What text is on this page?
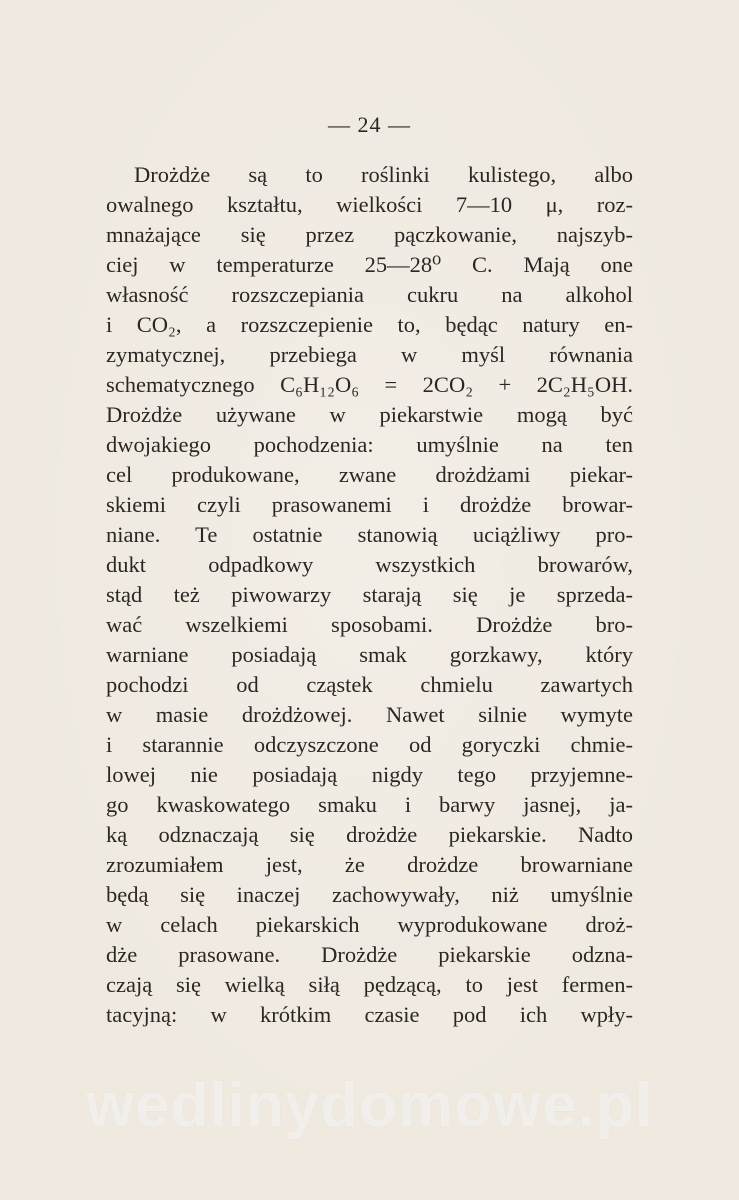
— 24 —
Drożdże są to roślinki kulistego, albo
owalnego kształtu, wielkości 7—10 μ, roz-
mnażające się przez pączkowanie, najszyb-
ciej w temperaturze 25—28⁰ C. Mają one
własność rozszczepiania cukru na alkohol
i CO₂, a rozszczepienie to, będąc natury en-
zymatycznej, przebiega w myśl równania
schematycznego C₆H₁₂O₆ = 2CO₂ + 2C₂H₅OH.
Drożdże używane w piekarstwie mogą być
dwojakiego pochodzenia: umyślnie na ten
cel produkowane, zwane drożdżami piekar-
skiemi czyli prasowanemi i drożdże browar-
niane. Te ostatnie stanowią uciążliwy pro-
dukt odpadkowy wszystkich browarów,
stąd też piwowarzy starają się je sprzeda-
wać wszelkiemi sposobami. Drożdże bro-
warniane posiadają smak gorzkawy, który
pochodzi od cząstek chmielu zawartych
w masie drożdżowej. Nawet silnie wymyte
i starannie odczyszczone od goryczki chmie-
lowej nie posiadają nigdy tego przyjemne-
go kwaskowatego smaku i barwy jasnej, ja-
ką odznaczają się drożdże piekarskie. Nadto
zrozumiałem jest, że drożdze browarniane
będą się inaczej zachowywały, niż umyślnie
w celach piekarskich wyprodukowane droż-
dże prasowane. Drożdże piekarskie odzna-
czają się wielką siłą pędzącą, to jest fermen-
tacyjną: w krótkim czasie pod ich wpły-
wedlinydomowe.pl
